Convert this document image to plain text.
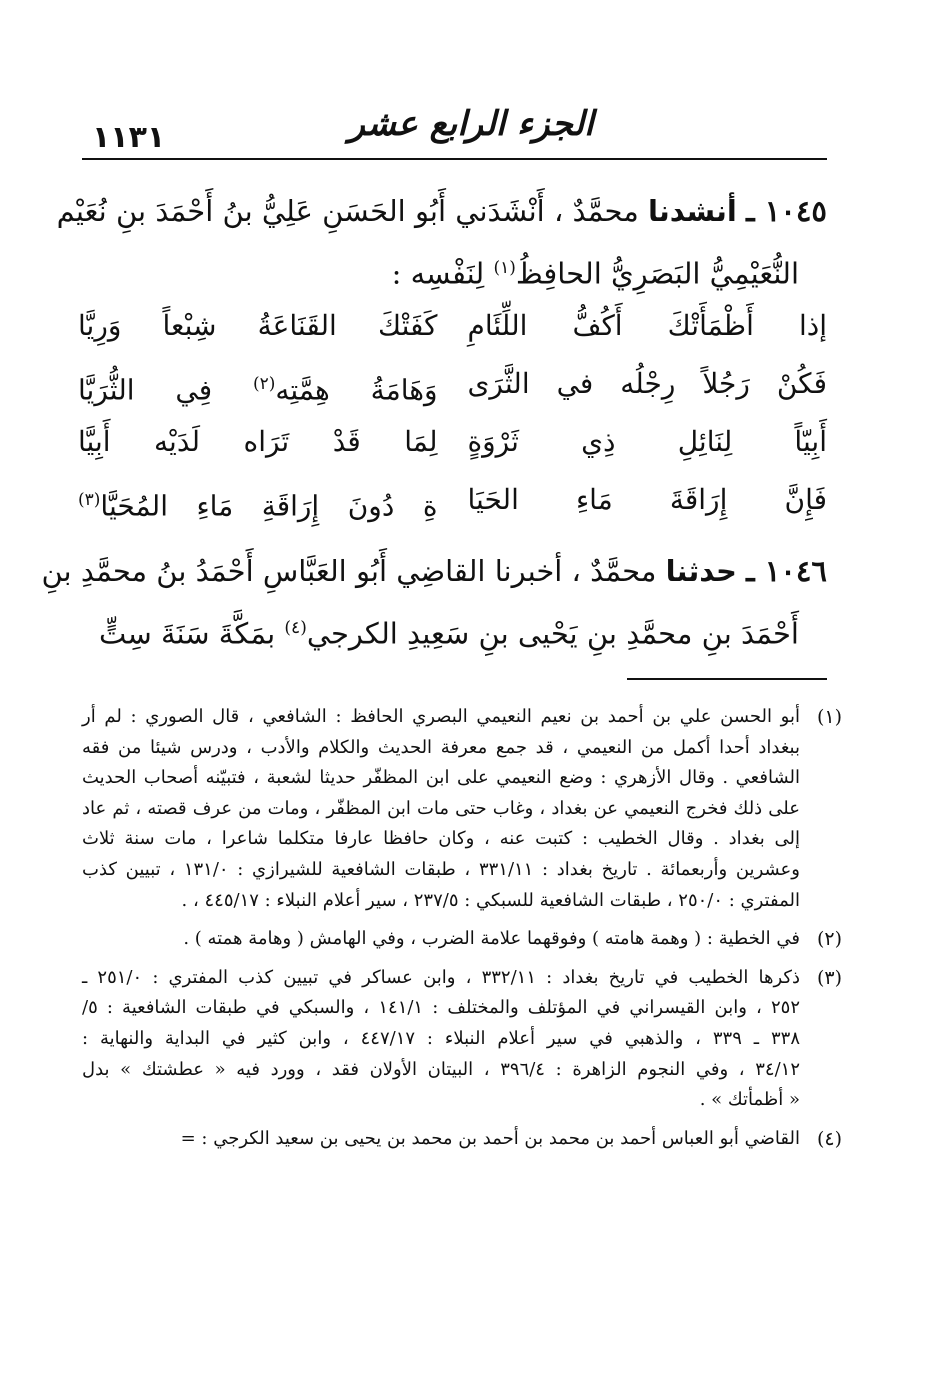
الجزء الرابع عشر
١١٣١
١٠٤٥ ـ أنشدنا محمَّدٌ ، أَنْشَدَني أَبُو الحَسَنِ عَلِيُّ بنُ أَحْمَدَ بنِ نُعَيْم
النُّعَيْمِيُّ البَصَرِيُّ الحافِظُ$^{(١)}$ لِنَفْسِه :
إذا أَظْمَأَتْكَ أَكُفُّ اللِّئَامِ
كَفَتْكَ القَنَاعَةُ شِبْعاً وَرِيَّا
فَكُنْ رَجُلاً رِجْلُه في الثَّرَى
وَهَامَةُ هِمَّتِه$^{(٢)}$ فِي الثُّرَيَّا
أَبِيّاً لِنَائِلِ ذِي ثَرْوَةٍ
لِمَا قَدْ تَرَاه لَدَيْه أَبِيَّا
فَإِنَّ إِرَاقَةَ مَاءِ الحَيَا
ةِ دُونَ إِرَاقَةِ مَاءِ المُحَيَّا$^{(٣)}$
١٠٤٦ ـ حدثنا محمَّدٌ ، أخبرنا القاضِي أَبُو العَبَّاسِ أَحْمَدُ بنُ محمَّدِ بنِ
أَحْمَدَ بنِ محمَّدِ بنِ يَحْيى بنِ سَعِيدِ الكرجي$^{(٤)}$ بمَكَّةَ سَنَةَ سِتٍّ
(١)
أبو الحسن علي بن أحمد بن نعيم النعيمي البصري الحافظ : الشافعي ، قال الصوري : لم أر
ببغداد أحدا أكمل من النعيمي ، قد جمع معرفة الحديث والكلام والأدب ، ودرس شيئا من فقه
الشافعي . وقال الأزهري : وضع النعيمي على ابن المظفّر حديثا لشعبة ، فتبيّنه أصحاب الحديث
على ذلك فخرج النعيمي عن بغداد ، وغاب حتى مات ابن المظفّر ، ومات من عرف قصته ، ثم عاد
إلى بغداد . وقال الخطيب : كتبت عنه ، وكان حافظا عارفا متكلما شاعرا ، مات سنة ثلاث
وعشرين وأربعمائة . تاريخ بغداد : ٣٣١/١١ ، طبقات الشافعية للشيرازي : ١٣١/٠ ، تبيين كذب
المفتري : ٢٥٠/٠ ، طبقات الشافعية للسبكي : ٢٣٧/٥ ، سير أعلام النبلاء : ٤٤٥/١٧ ، .
(٢)
في الخطية : ( وهمة هامته ) وفوقهما علامة الضرب ، وفي الهامش ( وهامة همته ) .
(٣)
ذكرها الخطيب في تاريخ بغداد : ٣٣٢/١١ ، وابن عساكر في تبيين كذب المفتري : ٢٥١/٠ ـ
٢٥٢ ، وابن القيسراني في المؤتلف والمختلف : ١٤١/١ ، والسبكي في طبقات الشافعية : ٥/
٣٣٨ ـ ٣٣٩ ، والذهبي في سير أعلام النبلاء : ٤٤٧/١٧ ، وابن كثير في البداية والنهاية :
٣٤/١٢ ، وفي النجوم الزاهرة : ٣٩٦/٤ ، البيتان الأولان فقد ، وورد فيه « عطشتك » بدل
« أظمأتك » .
(٤)
القاضي أبو العباس أحمد بن محمد بن أحمد بن محمد بن يحيى بن سعيد الكرجي : =
